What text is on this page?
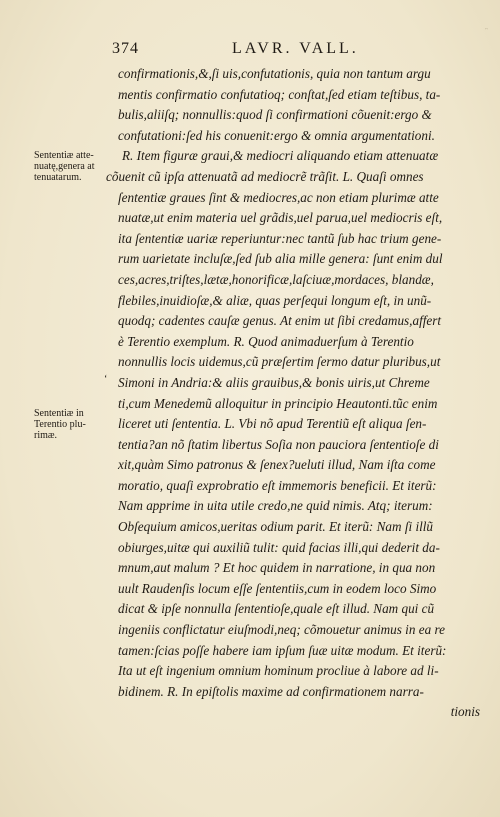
ᵔ
374	LAVR. VALL.
Sententiæ atte-
nuatę,genera at
tenuatarum.
Sententiæ in
Terentio plu-
rimæ.
‘
confirmationis,&,ſi uis,confutationis, quia non tantum argu
mentis confirmatio confutatioq; conſtat,ſed etiam teſtibus, ta-
bulis,aliiſq; nonnullis:quod ſi confirmationi cõuenit:ergo &
confutationi:ſed his conuenit:ergo & omnia argumentationi.
R. Item figuræ graui,& mediocri aliquando etiam attenuatæ
cõuenit cũ ipſa attenuatã ad mediocrẽ trãſit. L. Quaſi omnes
ſententiæ graues ſint & mediocres,ac non etiam plurimæ atte
nuatæ,ut enim materia uel grãdis,uel parua,uel mediocris eſt,
ita ſententiæ uariæ reperiuntur:nec tantũ ſub hac trium gene-
rum uarietate incluſæ,ſed ſub alia mille genera: ſunt enim dul
ces,acres,triſtes,lætæ,honorificæ,laſciuæ,mordaces, blandæ,
flebiles,inuidioſæ,& aliæ, quas perſequi longum eſt, in unũ-
quodq; cadentes cauſæ genus. At enim ut ſibi credamus,affert
è Terentio exemplum. R. Quod animaduerſum à Terentio
nonnullis locis uidemus,cũ præſertim ſermo datur pluribus,ut
Simoni in Andria:& aliis grauibus,& bonis uiris,ut Chreme
ti,cum Menedemũ alloquitur in principio Heautonti.tũc enim
liceret uti ſententia. L. Vbi nõ apud Terentiũ eſt aliqua ſen-
tentia?an nõ ſtatim libertus Soſia non pauciora ſententioſe di
xit,quàm Simo patronus & ſenex?ueluti illud, Nam iſta come
moratio, quaſi exprobratio eſt immemoris beneficii. Et iterũ:
Nam apprime in uita utile credo,ne quid nimis. Atq; iterum:
Obſequium amicos,ueritas odium parit. Et iterũ: Nam ſi illũ
obiurges,uitæ qui auxiliũ tulit: quid facias illi,qui dederit da-
mnum,aut malum ? Et hoc quidem in narratione, in qua non
uult Raudenſis locum eſſe ſententiis,cum in eodem loco Simo
dicat & ipſe nonnulla ſententioſe,quale eſt illud. Nam qui cũ
ingeniis conflictatur eiuſmodi,neq; cõmouetur animus in ea re
tamen:ſcias poſſe habere iam ipſum ſuæ uitæ modum. Et iterũ:
Ita ut eſt ingenium omnium hominum procliue à labore ad li-
bidinem. R. In epiſtolis maxime ad confirmationem narra-
tionis
